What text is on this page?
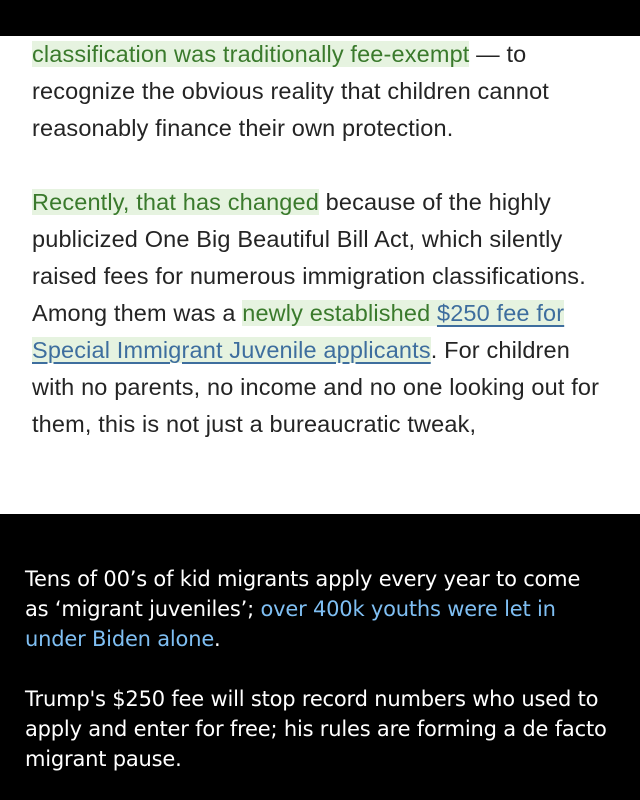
classification was traditionally fee-exempt — to recognize the obvious reality that children cannot reasonably finance their own protection.

Recently, that has changed because of the highly publicized One Big Beautiful Bill Act, which silently raised fees for numerous immigration classifications. Among them was a newly established $250 fee for Special Immigrant Juvenile applicants. For children with no parents, no income and no one looking out for them, this is not just a bureaucratic tweak,

Tens of 00’s of kid migrants apply every year to come as ‘migrant juveniles’; over 400k youths were let in under Biden alone.

Trump's $250 fee will stop record numbers who used to apply and enter for free; his rules are forming a de facto migrant pause.
